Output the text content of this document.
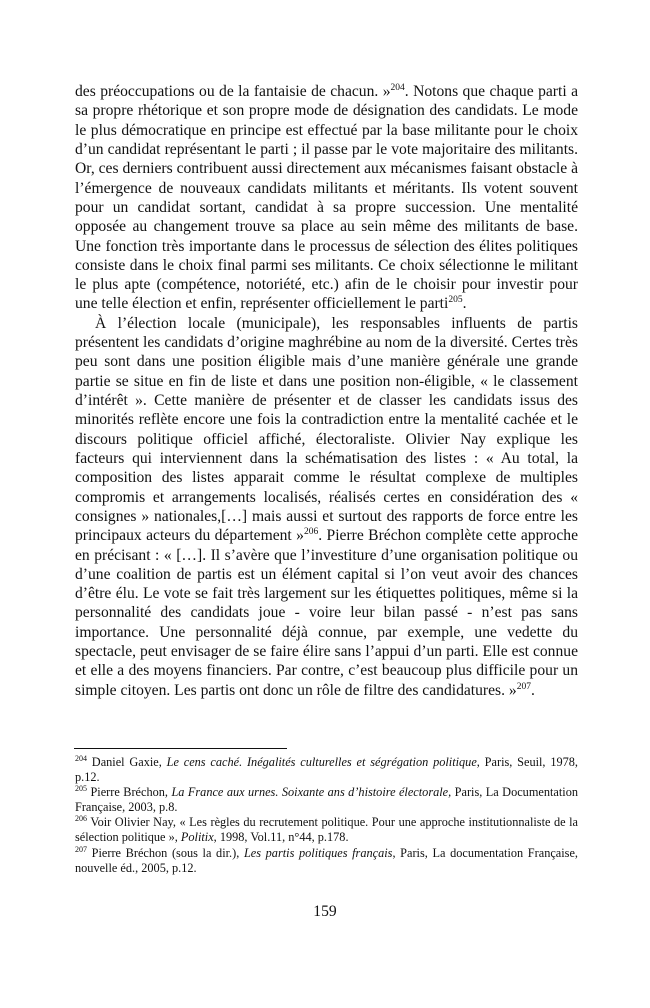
des préoccupations ou de la fantaisie de chacun. »$^{204}$. Notons que chaque parti a sa propre rhétorique et son propre mode de désignation des candidats. Le mode le plus démocratique en principe est effectué par la base militante pour le choix d’un candidat représentant le parti ; il passe par le vote majoritaire des militants. Or, ces derniers contribuent aussi directement aux mécanismes faisant obstacle à l’émergence de nouveaux candidats militants et méritants. Ils votent souvent pour un candidat sortant, candidat à sa propre succession. Une mentalité opposée au changement trouve sa place au sein même des militants de base. Une fonction très importante dans le processus de sélection des élites politiques consiste dans le choix final parmi ses militants. Ce choix sélectionne le militant le plus apte (compétence, notoriété, etc.) afin de le choisir pour investir pour une telle élection et enfin, représenter officiellement le parti$^{205}$.

À l’élection locale (municipale), les responsables influents de partis présentent les candidats d’origine maghrébine au nom de la diversité. Certes très peu sont dans une position éligible mais d’une manière générale une grande partie se situe en fin de liste et dans une position non-éligible, « le classement d’intérêt ». Cette manière de présenter et de classer les candidats issus des minorités reflète encore une fois la contradiction entre la mentalité cachée et le discours politique officiel affiché, électoraliste. Olivier Nay explique les facteurs qui interviennent dans la schématisation des listes : « Au total, la composition des listes apparait comme le résultat complexe de multiples compromis et arrangements localisés, réalisés certes en considération des « consignes » nationales,[…] mais aussi et surtout des rapports de force entre les principaux acteurs du département »$^{206}$. Pierre Bréchon complète cette approche en précisant : « […]. Il s’avère que l’investiture d’une organisation politique ou d’une coalition de partis est un élément capital si l’on veut avoir des chances d’être élu. Le vote se fait très largement sur les étiquettes politiques, même si la personnalité des candidats joue - voire leur bilan passé - n’est pas sans importance. Une personnalité déjà connue, par exemple, une vedette du spectacle, peut envisager de se faire élire sans l’appui d’un parti. Elle est connue et elle a des moyens financiers. Par contre, c’est beaucoup plus difficile pour un simple citoyen. Les partis ont donc un rôle de filtre des candidatures. »$^{207}$.

$^{204}$ Daniel Gaxie, Le cens caché. Inégalités culturelles et ségrégation politique, Paris, Seuil, 1978, p.12.

$^{205}$ Pierre Bréchon, La France aux urnes. Soixante ans d’histoire électorale, Paris, La Documentation Française, 2003, p.8.

$^{206}$ Voir Olivier Nay, « Les règles du recrutement politique. Pour une approche institutionnaliste de la sélection politique », Politix, 1998, Vol.11, n°44, p.178.

$^{207}$ Pierre Bréchon (sous la dir.), Les partis politiques français, Paris, La documentation Française, nouvelle éd., 2005, p.12.

159
